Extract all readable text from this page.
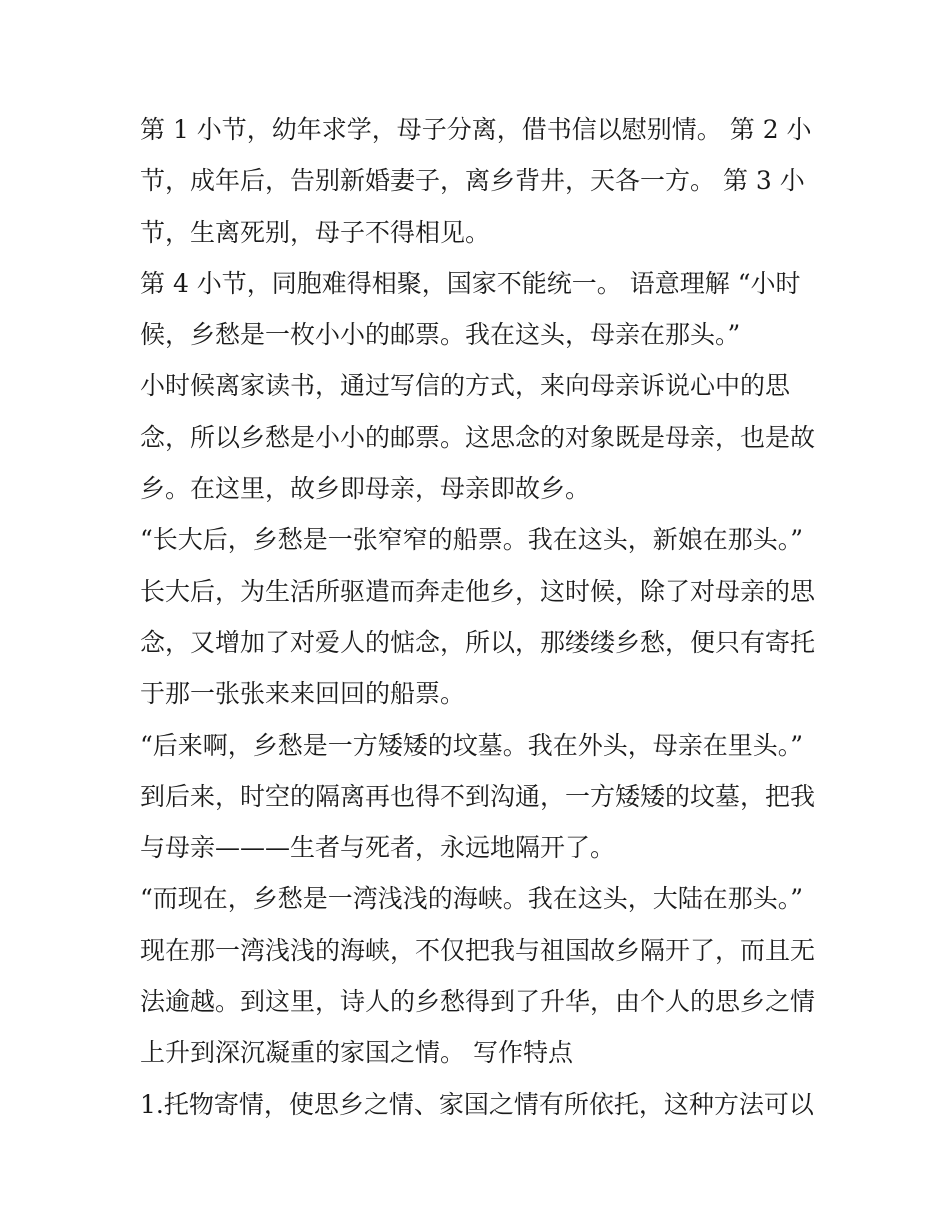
第 1 小节，幼年求学，母子分离，借书信以慰别情。 第 2 小
节，成年后，告别新婚妻子，离乡背井，天各一方。 第 3 小
节，生离死别，母子不得相见。
第 4 小节，同胞难得相聚，国家不能统一。 语意理解 “小时
候，乡愁是一枚小小的邮票。我在这头，母亲在那头。”
小时候离家读书，通过写信的方式，来向母亲诉说心中的思
念，所以乡愁是小小的邮票。这思念的对象既是母亲，也是故
乡。在这里，故乡即母亲，母亲即故乡。
“长大后，乡愁是一张窄窄的船票。我在这头，新娘在那头。”
长大后，为生活所驱遣而奔走他乡，这时候，除了对母亲的思
念，又增加了对爱人的惦念，所以，那缕缕乡愁，便只有寄托
于那一张张来来回回的船票。
“后来啊，乡愁是一方矮矮的坟墓。我在外头，母亲在里头。”
到后来，时空的隔离再也得不到沟通，一方矮矮的坟墓，把我
与母亲———生者与死者，永远地隔开了。
“而现在，乡愁是一湾浅浅的海峡。我在这头，大陆在那头。”
现在那一湾浅浅的海峡，不仅把我与祖国故乡隔开了，而且无
法逾越。到这里，诗人的乡愁得到了升华，由个人的思乡之情
上升到深沉凝重的家国之情。 写作特点
1.托物寄情，使思乡之情、家国之情有所依托，这种方法可以
